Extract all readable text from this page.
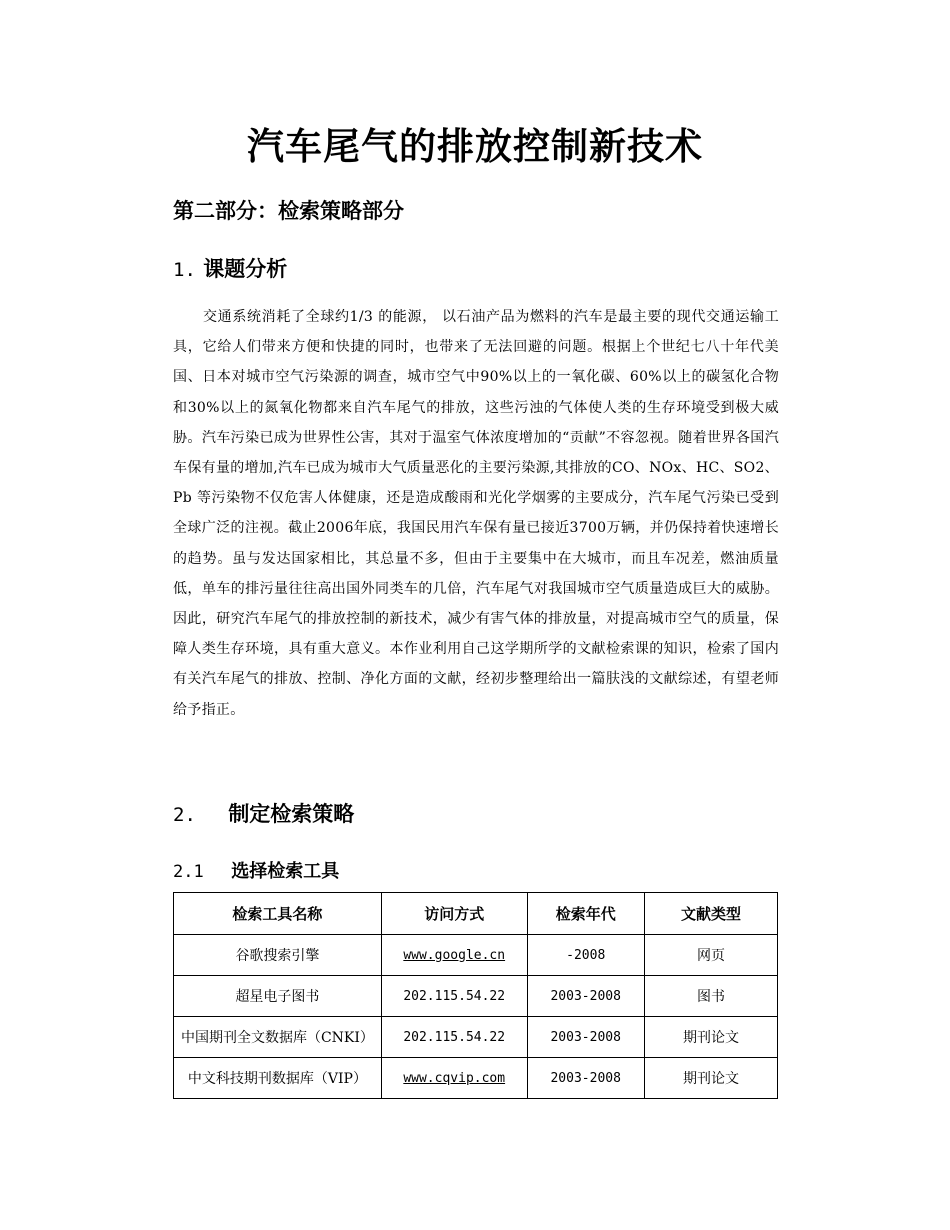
汽车尾气的排放控制新技术
第二部分：检索策略部分
1. 课题分析

交通系统消耗了全球约1/3 的能源， 以石油产品为燃料的汽车是最主要的现代交通运输工具，它给人们带来方便和快捷的同时，也带来了无法回避的问题。根据上个世纪七八十年代美国、日本对城市空气污染源的调查，城市空气中90%以上的一氧化碳、60%以上的碳氢化合物和30%以上的氮氧化物都来自汽车尾气的排放，这些污浊的气体使人类的生存环境受到极大威胁。汽车污染已成为世界性公害，其对于温室气体浓度增加的“贡献”不容忽视。随着世界各国汽车保有量的增加,汽车已成为城市大气质量恶化的主要污染源,其排放的CO、NOx、HC、SO2、Pb 等污染物不仅危害人体健康，还是造成酸雨和光化学烟雾的主要成分，汽车尾气污染已受到全球广泛的注视。截止2006年底，我国民用汽车保有量已接近3700万辆，并仍保持着快速增长的趋势。虽与发达国家相比，其总量不多，但由于主要集中在大城市，而且车况差，燃油质量低，单车的排污量往往高出国外同类车的几倍，汽车尾气对我国城市空气质量造成巨大的威胁。因此，研究汽车尾气的排放控制的新技术，减少有害气体的排放量，对提高城市空气的质量，保障人类生存环境，具有重大意义。本作业利用自己这学期所学的文献检索课的知识，检索了国内有关汽车尾气的排放、控制、净化方面的文献，经初步整理给出一篇肤浅的文献综述，有望老师给予指正。

2. 制定检索策略
2.1 选择检索工具
检索工具名称	访问方式	检索年代	文献类型
谷歌搜索引擎	www.google.cn	-2008	网页
超星电子图书	202.115.54.22	2003-2008	图书
中国期刊全文数据库（CNKI）	202.115.54.22	2003-2008	期刊论文
中文科技期刊数据库（VIP）	www.cqvip.com	2003-2008	期刊论文
